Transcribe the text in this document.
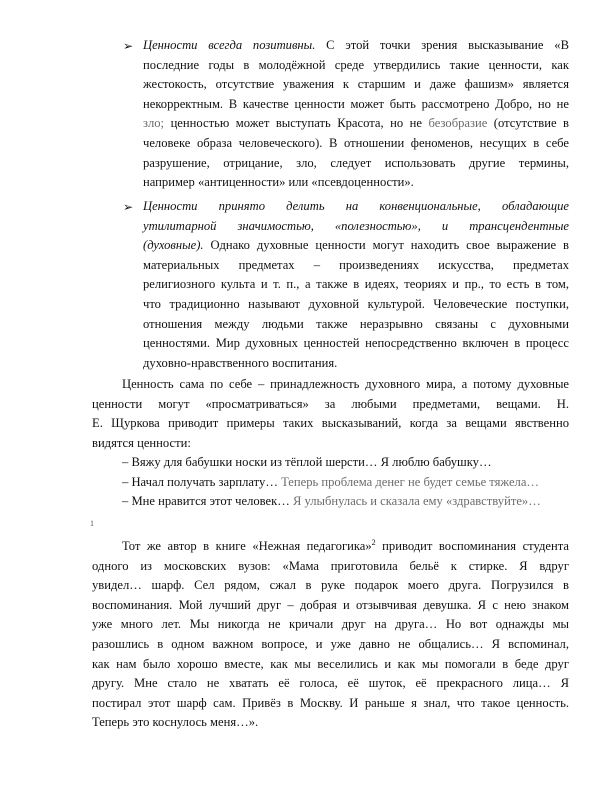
➢ Ценности всегда позитивны. С этой точки зрения высказывание «В
последние годы в молодёжной среде утвердились такие ценности, как
жестокость, отсутствие уважения к старшим и даже фашизм» является
некорректным. В качестве ценности может быть рассмотрено Добро, но не
зло; ценностью может выступать Красота, но не безобразие (отсутствие в
человеке образа человеческого). В отношении феноменов, несущих в себе
разрушение, отрицание, зло, следует использовать другие термины,
например «антиценности» или «псевдоценности».
➢ Ценности принято делить на конвенциональные, обладающие
утилитарной значимостью, «полезностью», и трансцендентные
(духовные). Однако духовные ценности могут находить свое выражение в
материальных предметах – произведениях искусства, предметах
религиозного культа и т. п., а также в идеях, теориях и пр., то есть в том,
что традиционно называют духовной культурой. Человеческие поступки,
отношения между людьми также неразрывно связаны с духовными
ценностями. Мир духовных ценностей непосредственно включен в процесс
духовно-нравственного воспитания.
Ценность сама по себе – принадлежность духовного мира, а потому духовные
ценности могут «просматриваться» за любыми предметами, вещами. Н.
Е. Щуркова приводит примеры таких высказываний, когда за вещами явственно
видятся ценности:
– Вяжу для бабушки носки из тёплой шерсти… Я люблю бабушку…
– Начал получать зарплату… Теперь проблема денег не будет семье тяжела…
– Мне нравится этот человек… Я улыбнулась и сказала ему «здравствуйте»…
1
Тот же автор в книге «Нежная педагогика»$^2$ приводит воспоминания студента
одного из московских вузов: «Мама приготовила бельё к стирке. Я вдруг
увидел… шарф. Сел рядом, сжал в руке подарок моего друга. Погрузился в
воспоминания. Мой лучший друг – добрая и отзывчивая девушка. Я с нею знаком
уже много лет. Мы никогда не кричали друг на друга… Но вот однажды мы
разошлись в одном важном вопросе, и уже давно не общались… Я вспоминал,
как нам было хорошо вместе, как мы веселились и как мы помогали в беде друг
другу. Мне стало не хватать её голоса, её шуток, её прекрасного лица… Я
постирал этот шарф сам. Привёз в Москву. И раньше я знал, что такое ценность.
Теперь это коснулось меня…».
